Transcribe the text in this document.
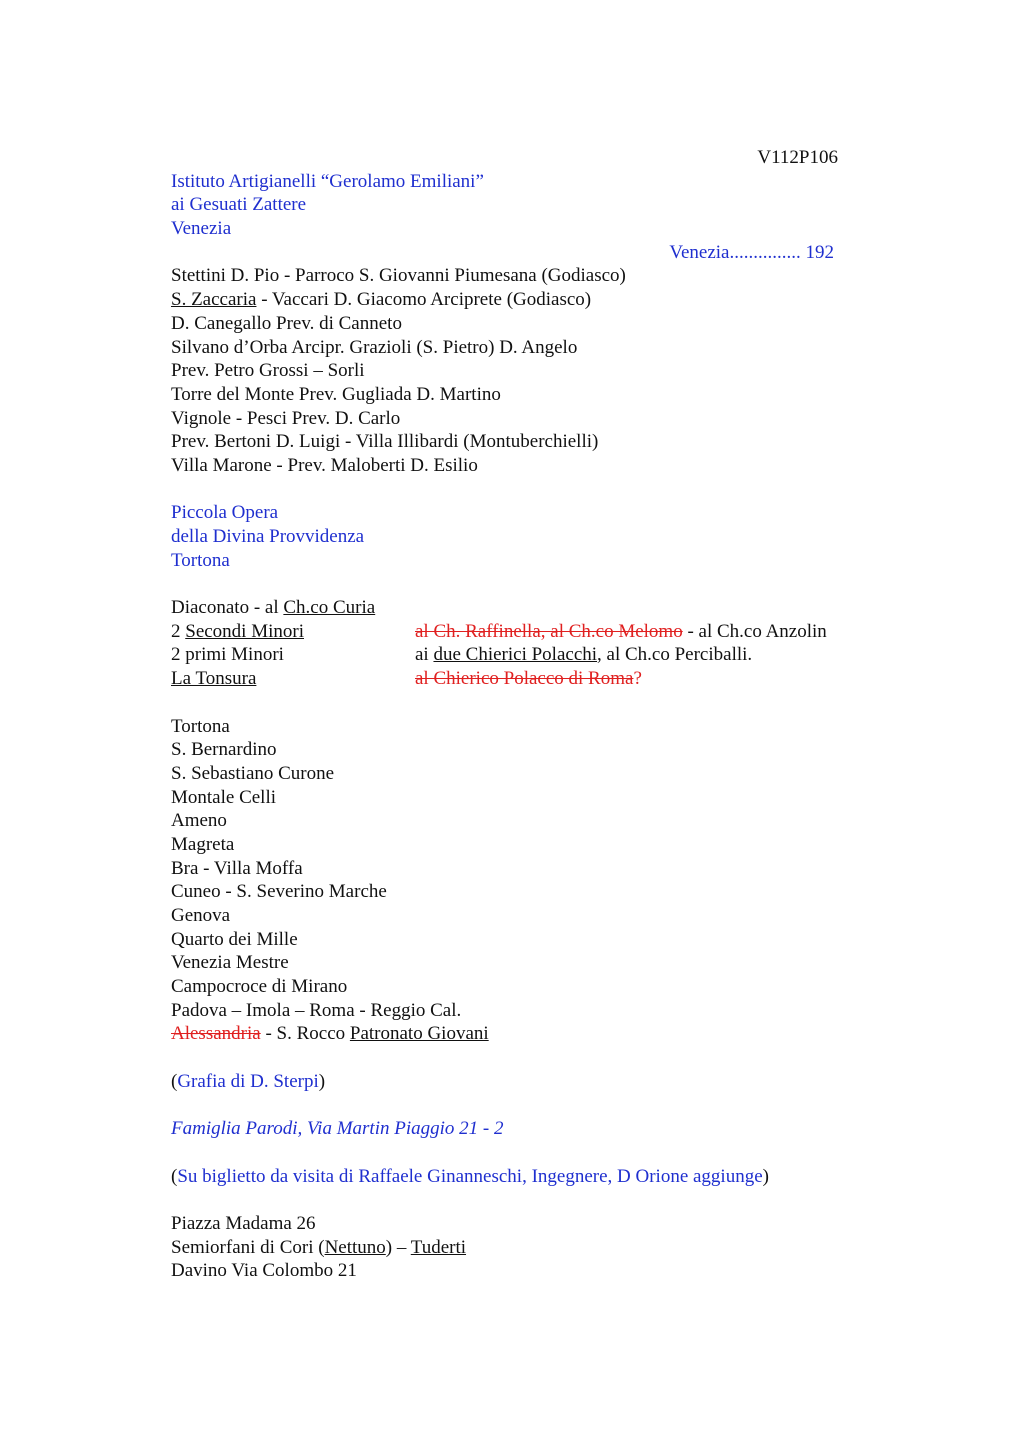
V112P106
Istituto Artigianelli “Gerolamo Emiliani”
ai Gesuati Zattere
Venezia
Venezia............... 192
Stettini D. Pio - Parroco S. Giovanni Piumesana (Godiasco)
S. Zaccaria - Vaccari D. Giacomo Arciprete (Godiasco)
D. Canegallo Prev. di Canneto
Silvano d’Orba Arcipr. Grazioli (S. Pietro) D. Angelo
Prev. Petro Grossi – Sorli
Torre del Monte Prev. Gugliada D. Martino
Vignole - Pesci Prev. D. Carlo
Prev. Bertoni D. Luigi - Villa Illibardi (Montuberchielli)
Villa Marone - Prev. Maloberti D. Esilio
Piccola Opera
della Divina Provvidenza
Tortona
Diaconato - al Ch.co Curia
2 Secondi Minori	al Ch. Raffinella, al Ch.co Melomo - al Ch.co Anzolin
2 primi Minori	ai due Chierici Polacchi, al Ch.co Perciballi.
La Tonsura	al Chierico Polacco di Roma?
Tortona
S. Bernardino
S. Sebastiano Curone
Montale Celli
Ameno
Magreta
Bra - Villa Moffa
Cuneo - S. Severino Marche
Genova
Quarto dei Mille
Venezia Mestre
Campocroce di Mirano
Padova – Imola – Roma - Reggio Cal.
Alessandria - S. Rocco Patronato Giovani
(Grafia di D. Sterpi)
Famiglia Parodi, Via Martin Piaggio 21 - 2
(Su biglietto da visita di Raffaele Ginanneschi, Ingegnere, D Orione aggiunge)
Piazza Madama 26
Semiorfani di Cori (Nettuno) – Tuderti
Davino Via Colombo 21
